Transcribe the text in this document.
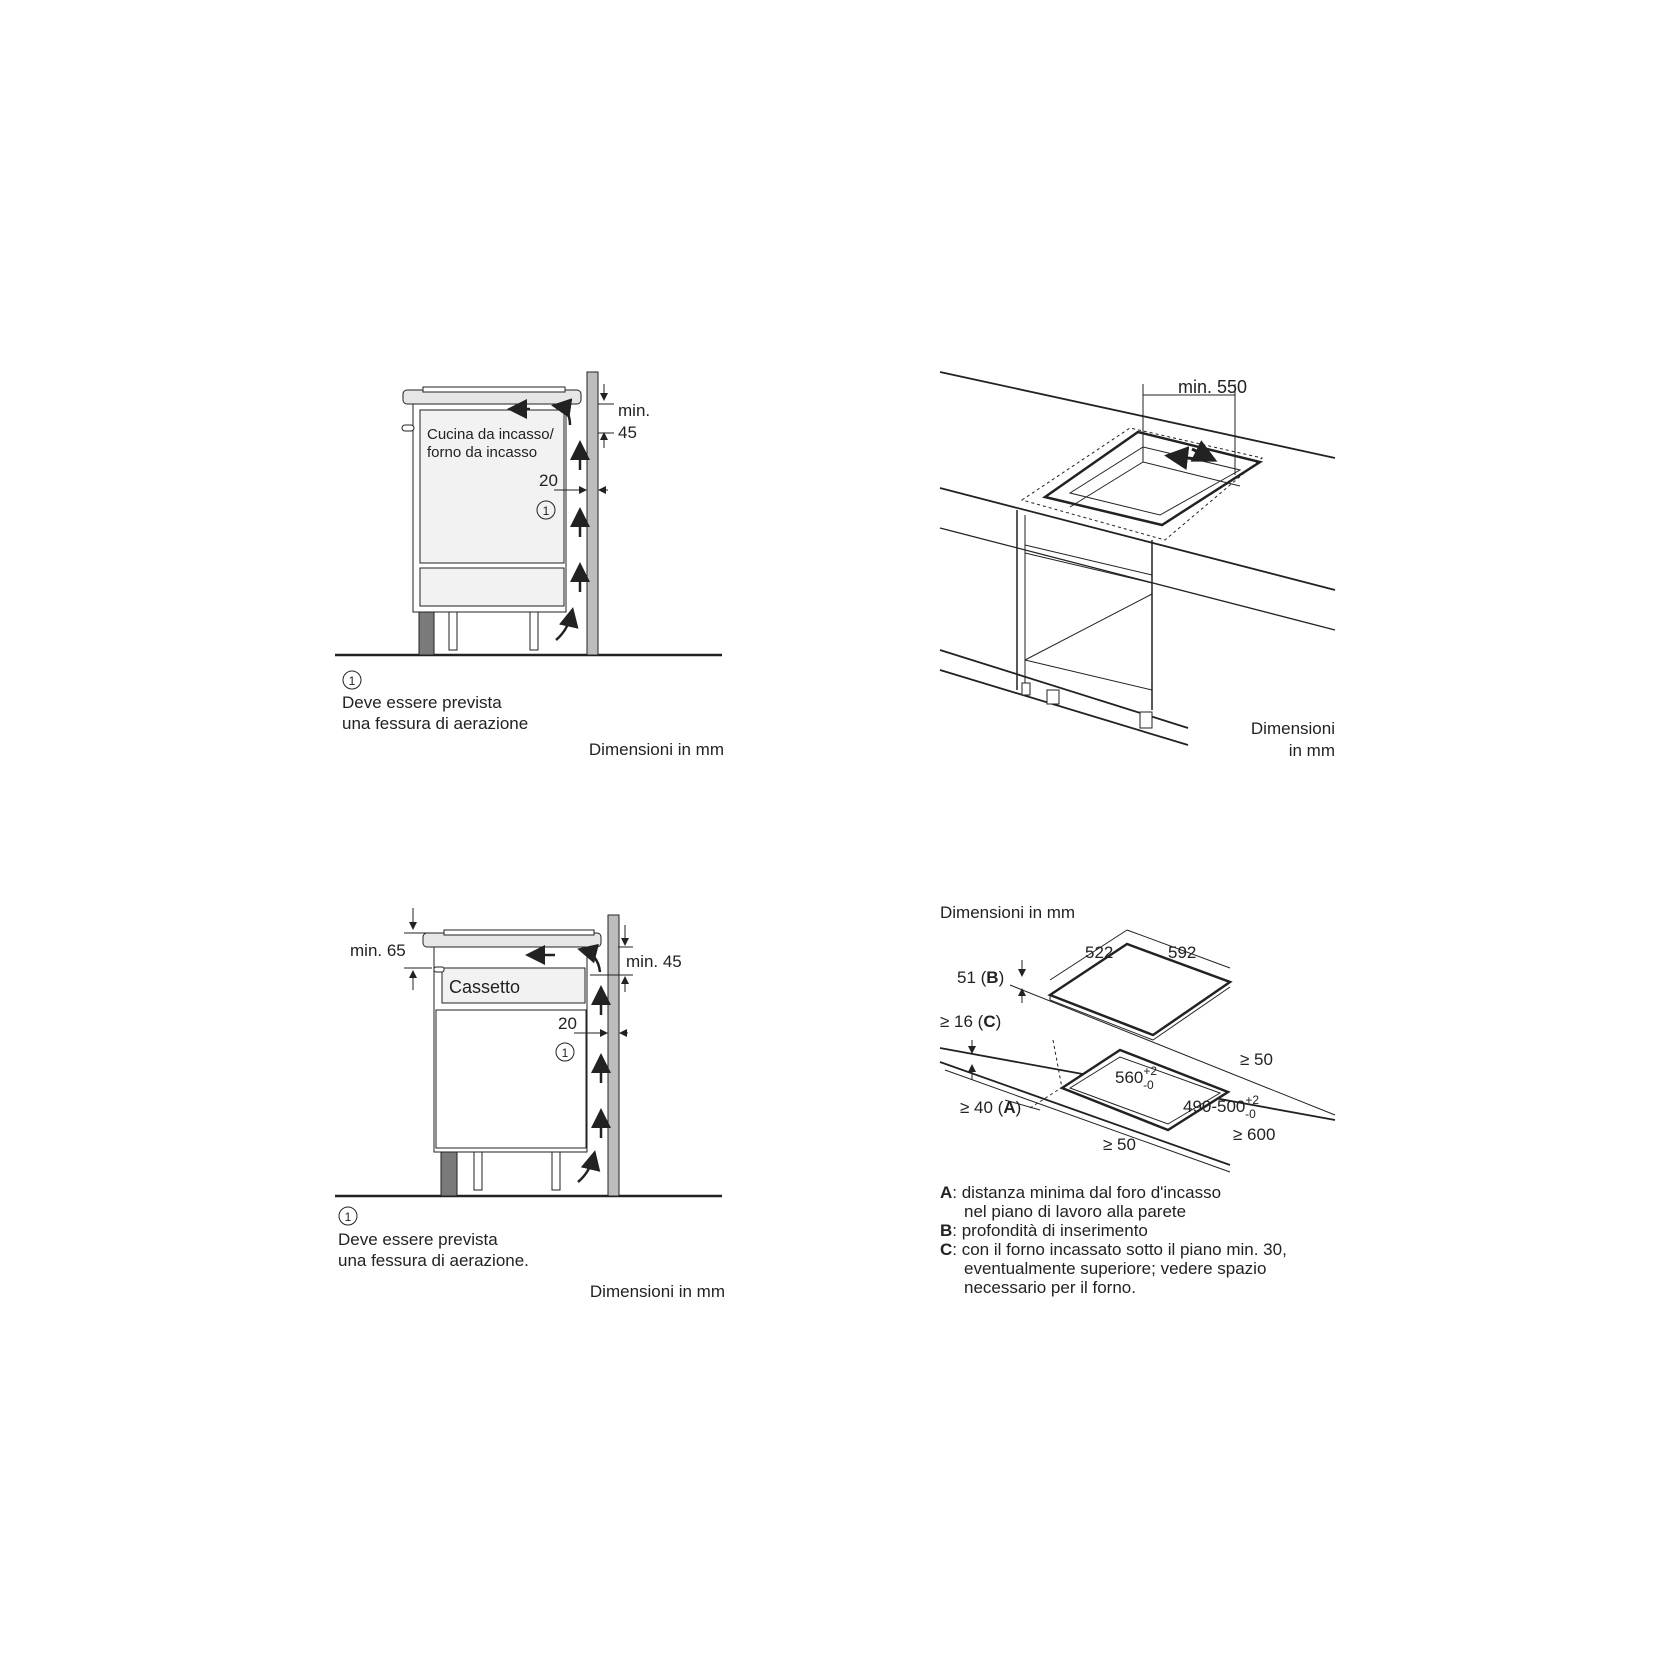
Cucina da incasso/
forno da incasso
min.
45
20
1
1
Deve essere prevista
una fessura di aerazione
Dimensioni in mm
min. 550
Dimensioni
in mm
min. 65
min. 45
Cassetto
20
1
1
Deve essere prevista
una fessura di aerazione.
Dimensioni in mm
Dimensioni in mm
522	592
51 (B)
≥ 16 (C)
≥ 40 (A)
$560^{+2}$ -0
$490-500^{+2}$ -0
≥ 50
≥ 600
≥ 50
A: distanza minima dal foro d'incasso
nel piano di lavoro alla parete
B: profondità di inserimento
C: con il forno incassato sotto il piano min. 30,
eventualmente superiore; vedere spazio
necessario per il forno.
